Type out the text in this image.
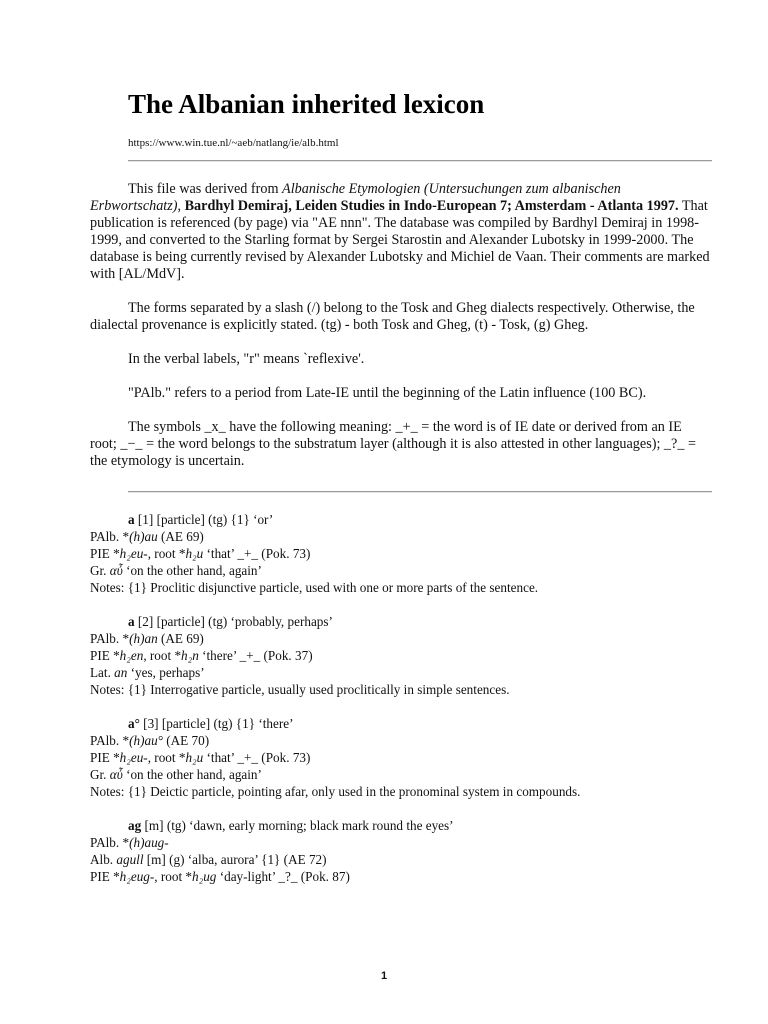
The Albanian inherited lexicon
https://www.win.tue.nl/~aeb/natlang/ie/alb.html

This file was derived from Albanische Etymologien (Untersuchungen zum albanischen Erbwortschatz), Bardhyl Demiraj, Leiden Studies in Indo-European 7; Amsterdam - Atlanta 1997. That publication is referenced (by page) via "AE nnn". The database was compiled by Bardhyl Demiraj in 1998-1999, and converted to the Starling format by Sergei Starostin and Alexander Lubotsky in 1999-2000. The database is being currently revised by Alexander Lubotsky and Michiel de Vaan. Their comments are marked with [AL/MdV].

The forms separated by a slash (/) belong to the Tosk and Gheg dialects respectively. Otherwise, the dialectal provenance is explicitly stated. (tg) - both Tosk and Gheg, (t) - Tosk, (g) Gheg.

In the verbal labels, "r" means `reflexive'.

"PAlb." refers to a period from Late-IE until the beginning of the Latin influence (100 BC).

The symbols _x_ have the following meaning: _+_ = the word is of IE date or derived from an IE root; _−_ = the word belongs to the substratum layer (although it is also attested in other languages); _?_ = the etymology is uncertain.

a [1] [particle] (tg) {1} ‘or’
PAlb. *(h)au (AE 69)
PIE *h₂eu-, root *h₂u ‘that’ _+_ (Pok. 73)
Gr. αὖ ‘on the other hand, again’
Notes: {1} Proclitic disjunctive particle, used with one or more parts of the sentence.
a [2] [particle] (tg) ‘probably, perhaps’
PAlb. *(h)an (AE 69)
PIE *h₂en, root *h₂n ‘there’ _+_ (Pok. 37)
Lat. an ‘yes, perhaps’
Notes: {1} Interrogative particle, usually used proclitically in simple sentences.
a° [3] [particle] (tg) {1} ‘there’
PAlb. *(h)au° (AE 70)
PIE *h₂eu-, root *h₂u ‘that’ _+_ (Pok. 73)
Gr. αὖ ‘on the other hand, again’
Notes: {1} Deictic particle, pointing afar, only used in the pronominal system in compounds.
ag [m] (tg) ‘dawn, early morning; black mark round the eyes’
PAlb. *(h)aug-
Alb. agull [m] (g) ‘alba, aurora’ {1} (AE 72)
PIE *h₂eug-, root *h₂ug ‘day-light’ _?_ (Pok. 87)
1
